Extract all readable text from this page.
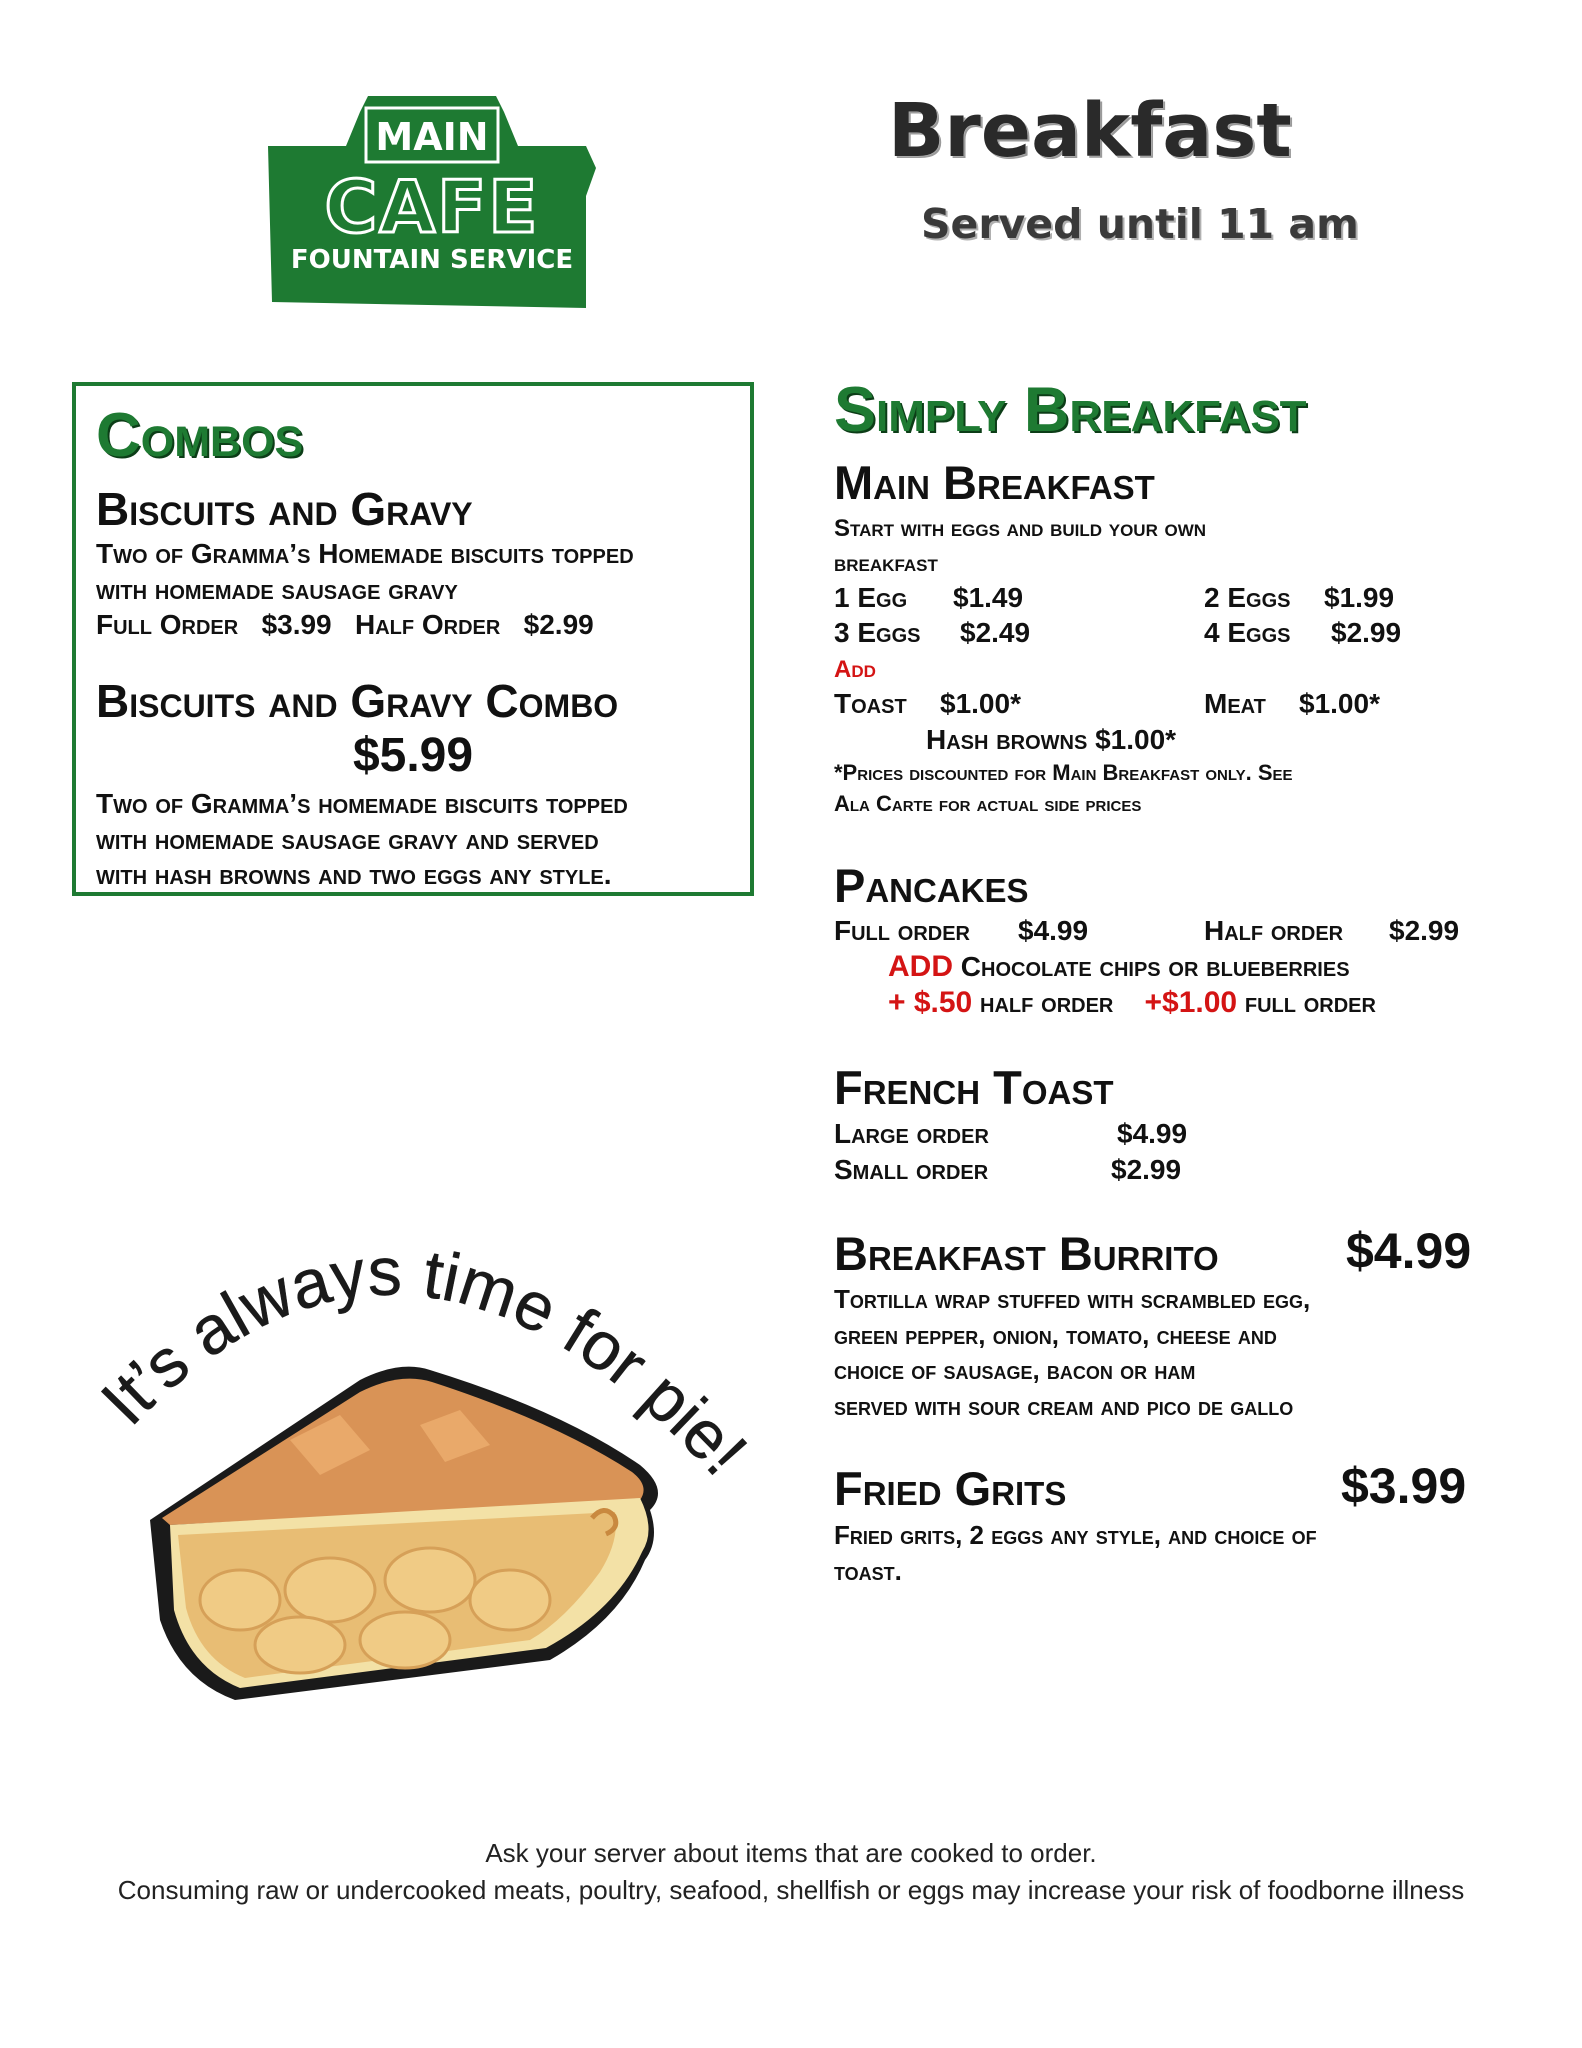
MAIN
CAFE
FOUNTAIN SERVICE
Breakfast
Served until 11 am
Combos
Biscuits and Gravy
Two of Gramma’s Homemade biscuits topped
with homemade sausage gravy
Full Order $3.99 Half Order $2.99
Biscuits and Gravy Combo
$5.99
Two of Gramma’s homemade biscuits topped
with homemade sausage gravy and served
with hash browns and two eggs any style.
Simply Breakfast
Main Breakfast
Start with eggs and build your own
breakfast
1 Egg $1.49	2 Eggs $1.99
3 Eggs $2.49	4 Eggs $2.99
Add
Toast $1.00*	Meat $1.00*
Hash browns $1.00*
*Prices discounted for Main Breakfast only. See
Ala Carte for actual side prices
Pancakes
Full order $4.99	Half order $2.99
ADD Chocolate chips or blueberries
+ $.50 half order +$1.00 full order
French Toast
Large order	$4.99
Small order	$2.99
Breakfast Burrito	$4.99
Tortilla wrap stuffed with scrambled egg,
green pepper, onion, tomato, cheese and
choice of sausage, bacon or ham
served with sour cream and pico de gallo
Fried Grits	$3.99
Fried grits, 2 eggs any style, and choice of
toast.
It’s always time for pie!
Ask your server about items that are cooked to order.
Consuming raw or undercooked meats, poultry, seafood, shellfish or eggs may increase your risk of foodborne illness
